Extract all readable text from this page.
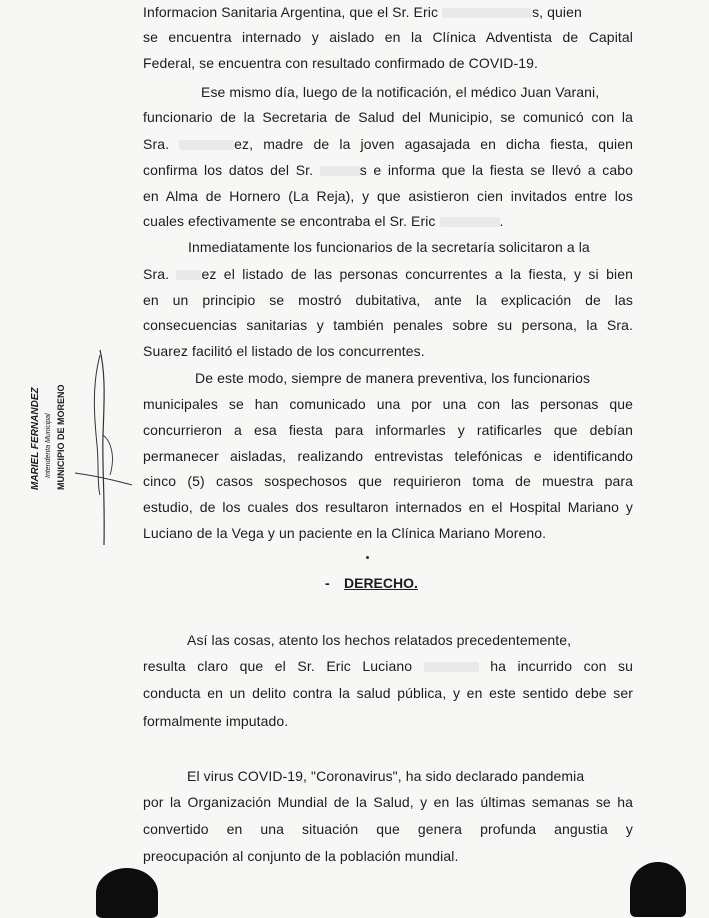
Informacion Sanitaria Argentina, que el Sr. Eric	s, quien
se encuentra internado y aislado en la Clínica Adventista de Capital
Federal, se encuentra con resultado confirmado de COVID-19.
Ese mismo día, luego de la notificación, el médico Juan Varani,
funcionario de la Secretaria de Salud del Municipio, se comunicó con la
Sra.	ez, madre de la joven agasajada en dicha fiesta, quien
confirma los datos del Sr.	s e informa que la fiesta se llevó a cabo
en Alma de Hornero (La Reja), y que asistieron cien invitados entre los
cuales efectivamente se encontraba el Sr. Eric	.
Inmediatamente los funcionarios de la secretaría solicitaron a la
Sra. ez el listado de las personas concurrentes a la fiesta, y si bien
en un principio se mostró dubitativa, ante la explicación de las
consecuencias sanitarias y también penales sobre su persona, la Sra.
Suarez facilitó el listado de los concurrentes.
De este modo, siempre de manera preventiva, los funcionarios
municipales se han comunicado una por una con las personas que
concurrieron a esa fiesta para informarles y ratificarles que debían
permanecer aisladas, realizando entrevistas telefónicas e identificando
cinco (5) casos sospechosos que requirieron toma de muestra para
estudio, de los cuales dos resultaron internados en el Hospital Mariano y
Luciano de la Vega y un paciente en la Clínica Mariano Moreno.
Así las cosas, atento los hechos relatados precedentemente,
resulta claro que el Sr. Eric Luciano	ha incurrido con su
conducta en un delito contra la salud pública, y en este sentido debe ser
formalmente imputado.
El virus COVID-19, "Coronavirus", ha sido declarado pandemia
por la Organización Mundial de la Salud, y en las últimas semanas se ha
convertido en una situación que genera profunda angustia y
preocupación al conjunto de la población mundial.
- DERECHO.
MARIEL FERNANDEZ Intendenta Municipal MUNICIPIO DE MORENO
